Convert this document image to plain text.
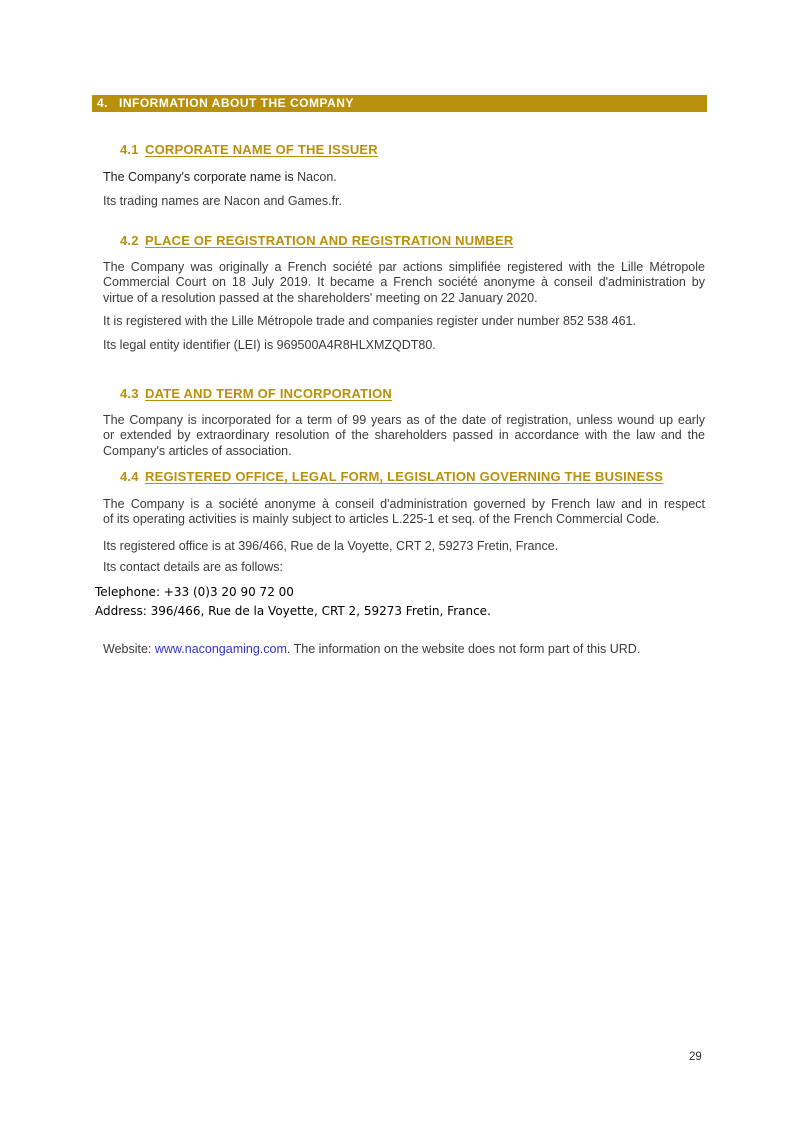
4. INFORMATION ABOUT THE COMPANY
4.1 CORPORATE NAME OF THE ISSUER
The Company's corporate name is Nacon.
Its trading names are Nacon and Games.fr.
4.2 PLACE OF REGISTRATION AND REGISTRATION NUMBER
The Company was originally a French société par actions simplifiée registered with the Lille Métropole
Commercial Court on 18 July 2019. It became a French société anonyme à conseil d'administration by
virtue of a resolution passed at the shareholders' meeting on 22 January 2020.
It is registered with the Lille Métropole trade and companies register under number 852 538 461.
Its legal entity identifier (LEI) is 969500A4R8HLXMZQDT80.
4.3 DATE AND TERM OF INCORPORATION
The Company is incorporated for a term of 99 years as of the date of registration, unless wound up early
or extended by extraordinary resolution of the shareholders passed in accordance with the law and the
Company's articles of association.
4.4 REGISTERED OFFICE, LEGAL FORM, LEGISLATION GOVERNING THE BUSINESS
The Company is a société anonyme à conseil d'administration governed by French law and in respect
of its operating activities is mainly subject to articles L.225-1 et seq. of the French Commercial Code.
Its registered office is at 396/466, Rue de la Voyette, CRT 2, 59273 Fretin, France.
Its contact details are as follows:
Telephone: +33 (0)3 20 90 72 00
Address: 396/466, Rue de la Voyette, CRT 2, 59273 Fretin, France.
Website: www.nacongaming.com. The information on the website does not form part of this URD.
29
